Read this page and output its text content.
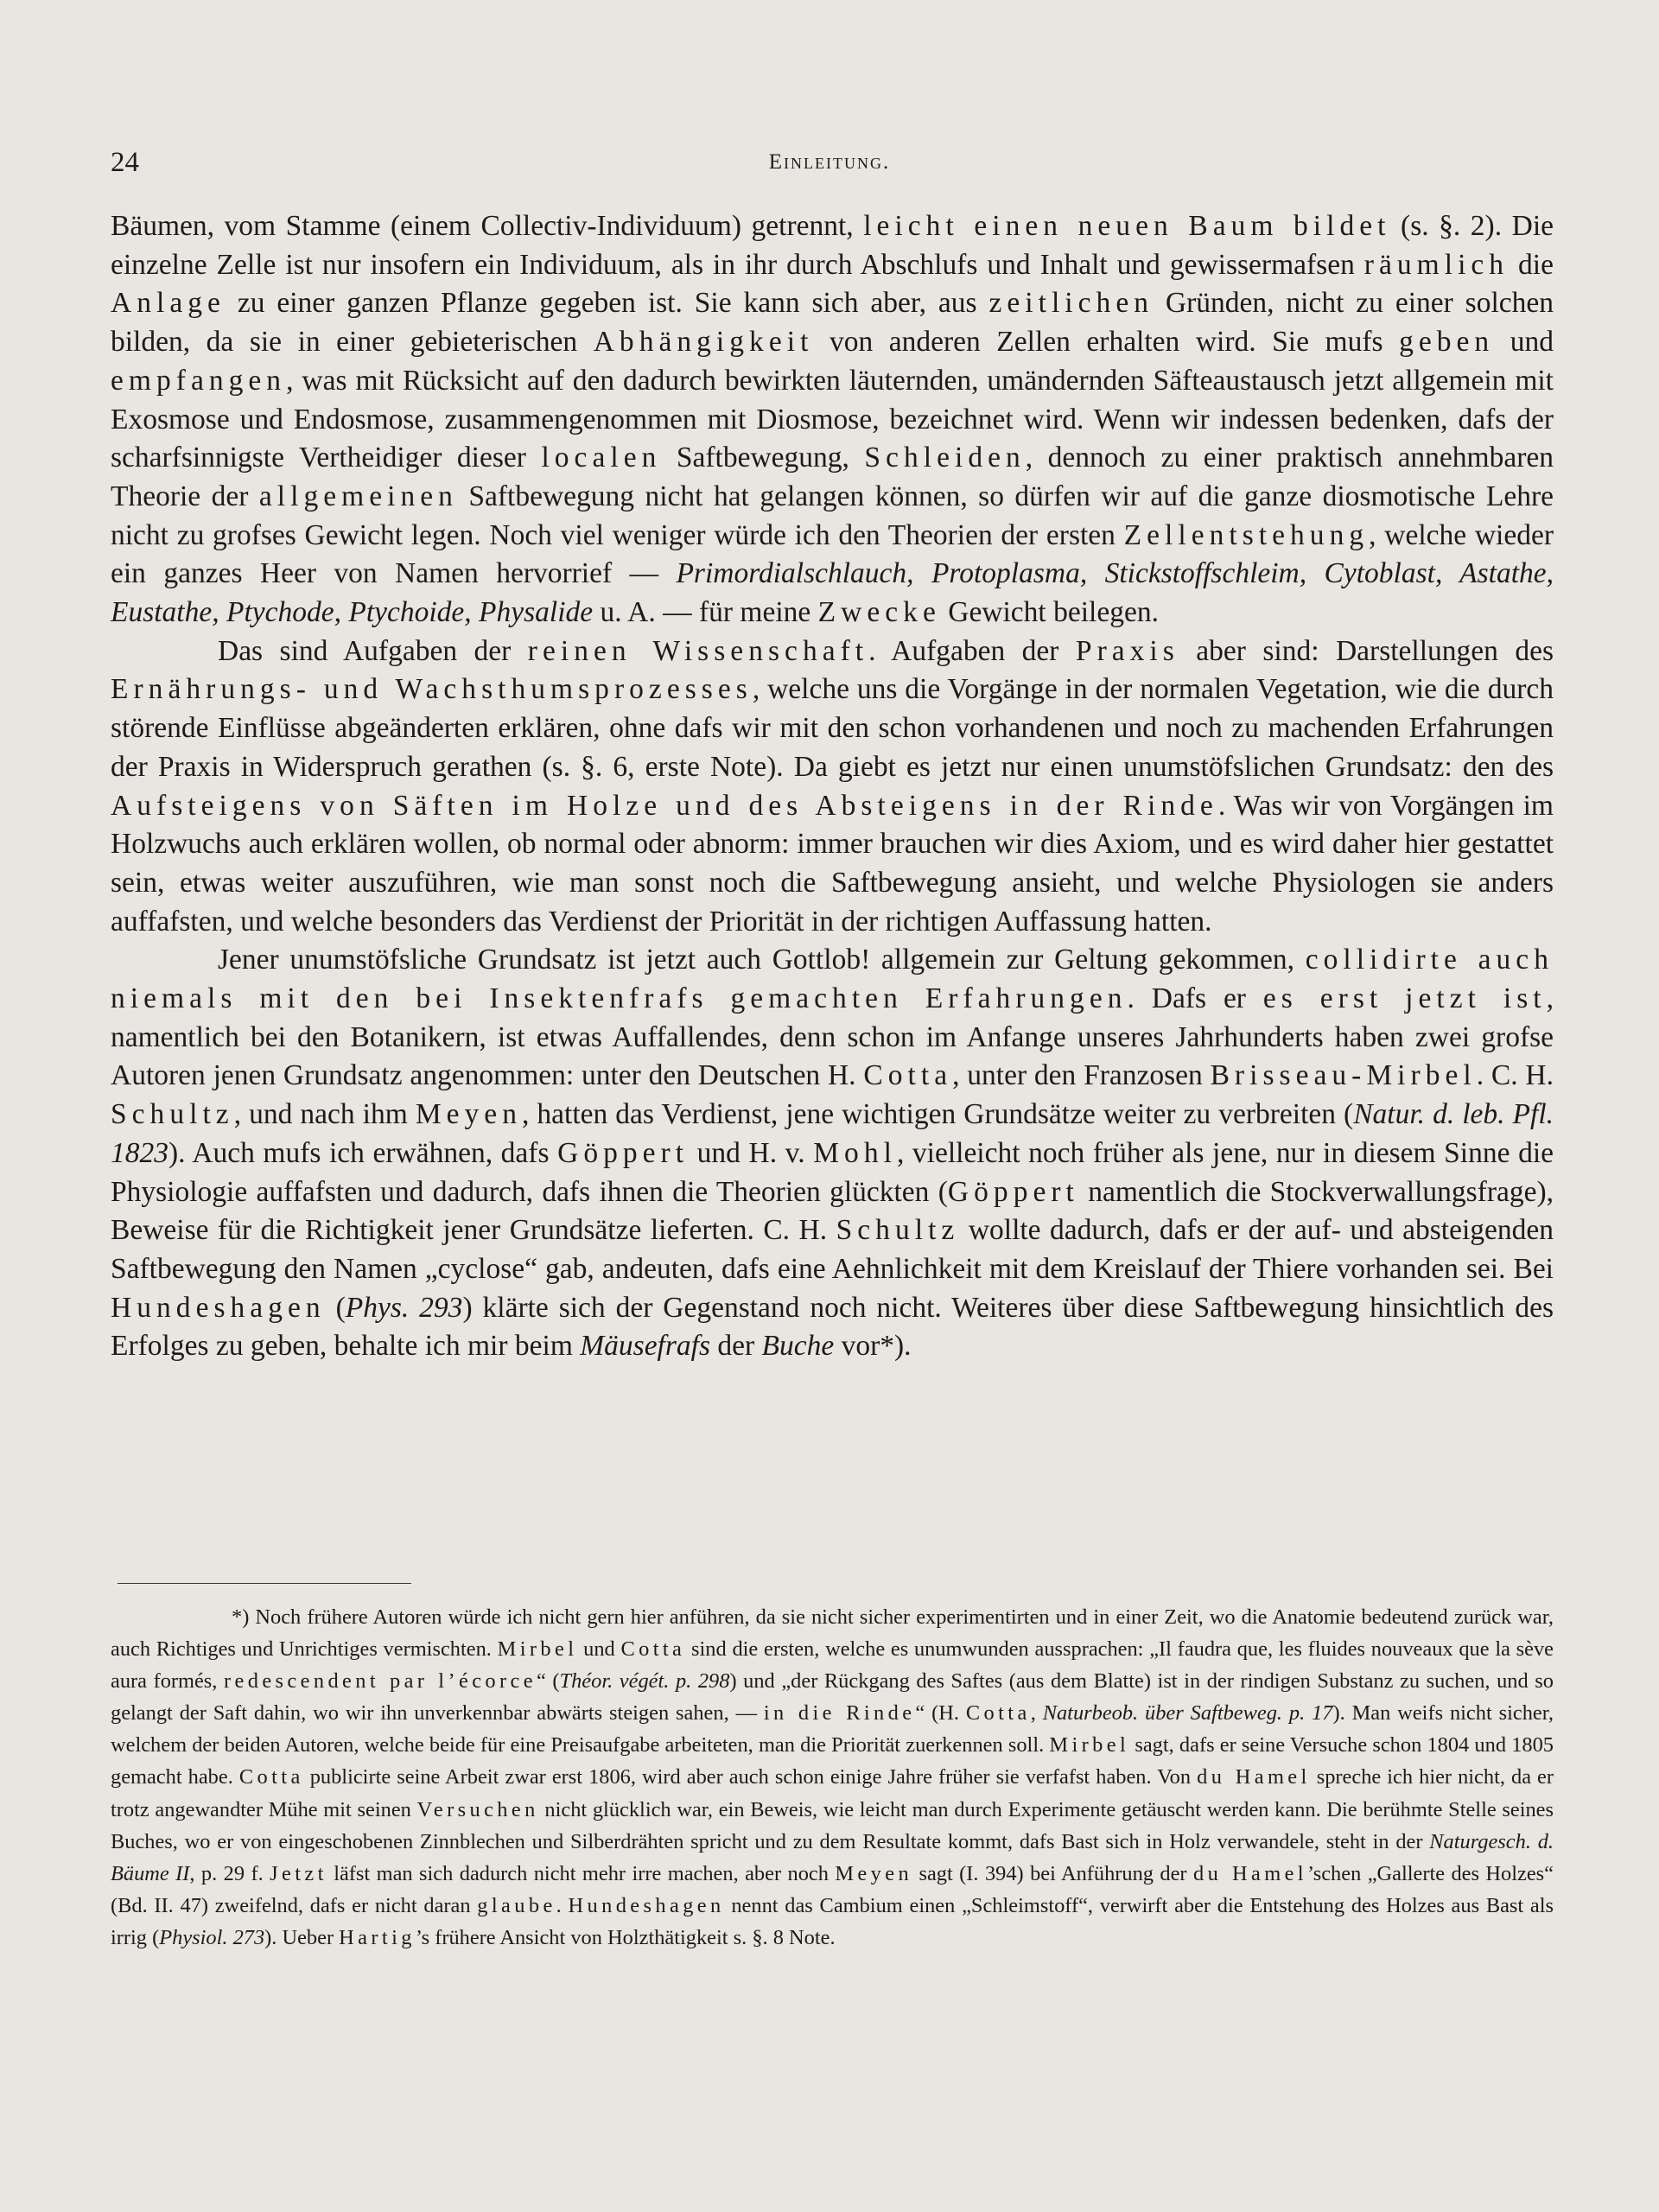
24	Einleitung.

Bäumen, vom Stamme (einem Collectiv-Individuum) getrennt, leicht einen neuen Baum bildet (s. §. 2). Die einzelne Zelle ist nur insofern ein Individuum, als in ihr durch Abschlufs und Inhalt und gewissermafsen räumlich die Anlage zu einer ganzen Pflanze gegeben ist. Sie kann sich aber, aus zeitlichen Gründen, nicht zu einer solchen bilden, da sie in einer gebieterischen Abhängigkeit von anderen Zellen erhalten wird. Sie mufs geben und empfangen, was mit Rücksicht auf den dadurch bewirkten läuternden, umändernden Säfteaustausch jetzt allgemein mit Exosmose und Endosmose, zusammengenommen mit Diosmose, bezeichnet wird. Wenn wir indessen bedenken, dafs der scharfsinnigste Vertheidiger dieser localen Saftbewegung, Schleiden, dennoch zu einer praktisch annehmbaren Theorie der allgemeinen Saftbewegung nicht hat gelangen können, so dürfen wir auf die ganze diosmotische Lehre nicht zu grofses Gewicht legen. Noch viel weniger würde ich den Theorien der ersten Zellentstehung, welche wieder ein ganzes Heer von Namen hervorrief — Primordialschlauch, Protoplasma, Stickstoffschleim, Cytoblast, Astathe, Eustathe, Ptychode, Ptychoide, Physalide u. A. — für meine Zwecke Gewicht beilegen.

Das sind Aufgaben der reinen Wissenschaft. Aufgaben der Praxis aber sind: Darstellungen des Ernährungs- und Wachsthumsprozesses, welche uns die Vorgänge in der normalen Vegetation, wie die durch störende Einflüsse abgeänderten erklären, ohne dafs wir mit den schon vorhandenen und noch zu machenden Erfahrungen der Praxis in Widerspruch gerathen (s. §. 6, erste Note). Da giebt es jetzt nur einen unumstöfslichen Grundsatz: den des Aufsteigens von Säften im Holze und des Absteigens in der Rinde. Was wir von Vorgängen im Holzwuchs auch erklären wollen, ob normal oder abnorm: immer brauchen wir dies Axiom, und es wird daher hier gestattet sein, etwas weiter auszuführen, wie man sonst noch die Saftbewegung ansieht, und welche Physiologen sie anders auffafsten, und welche besonders das Verdienst der Priorität in der richtigen Auffassung hatten.

Jener unumstöfsliche Grundsatz ist jetzt auch Gottlob! allgemein zur Geltung gekommen, collidirte auch niemals mit den bei Insektenfrafs gemachten Erfahrungen. Dafs er es erst jetzt ist, namentlich bei den Botanikern, ist etwas Auffallendes, denn schon im Anfange unseres Jahrhunderts haben zwei grofse Autoren jenen Grundsatz angenommen: unter den Deutschen H. Cotta, unter den Franzosen Brisseau-Mirbel. C. H. Schultz, und nach ihm Meyen, hatten das Verdienst, jene wichtigen Grundsätze weiter zu verbreiten (Natur. d. leb. Pfl. 1823). Auch mufs ich erwähnen, dafs Göppert und H. v. Mohl, vielleicht noch früher als jene, nur in diesem Sinne die Physiologie auffafsten und dadurch, dafs ihnen die Theorien glückten (Göppert namentlich die Stockverwallungsfrage), Beweise für die Richtigkeit jener Grundsätze lieferten. C. H. Schultz wollte dadurch, dafs er der auf- und absteigenden Saftbewegung den Namen „cyclose“ gab, andeuten, dafs eine Aehnlichkeit mit dem Kreislauf der Thiere vorhanden sei. Bei Hundeshagen (Phys. 293) klärte sich der Gegenstand noch nicht. Weiteres über diese Saftbewegung hinsichtlich des Erfolges zu geben, behalte ich mir beim Mäusefrafs der Buche vor*).

*) Noch frühere Autoren würde ich nicht gern hier anführen, da sie nicht sicher experimentirten und in einer Zeit, wo die Anatomie bedeutend zurück war, auch Richtiges und Unrichtiges vermischten. Mirbel und Cotta sind die ersten, welche es unumwunden aussprachen: „Il faudra que, les fluides nouveaux que la sève aura formés, redescendent par l’écorce“ (Théor. végét. p. 298) und „der Rückgang des Saftes (aus dem Blatte) ist in der rindigen Substanz zu suchen, und so gelangt der Saft dahin, wo wir ihn unverkennbar abwärts steigen sahen, — in die Rinde“ (H. Cotta, Naturbeob. über Saftbeweg. p. 17). Man weifs nicht sicher, welchem der beiden Autoren, welche beide für eine Preisaufgabe arbeiteten, man die Priorität zuerkennen soll. Mirbel sagt, dafs er seine Versuche schon 1804 und 1805 gemacht habe. Cotta publicirte seine Arbeit zwar erst 1806, wird aber auch schon einige Jahre früher sie verfafst haben. Von du Hamel spreche ich hier nicht, da er trotz angewandter Mühe mit seinen Versuchen nicht glücklich war, ein Beweis, wie leicht man durch Experimente getäuscht werden kann. Die berühmte Stelle seines Buches, wo er von eingeschobenen Zinnblechen und Silberdrähten spricht und zu dem Resultate kommt, dafs Bast sich in Holz verwandele, steht in der Naturgesch. d. Bäume II, p. 29 f. Jetzt läfst man sich dadurch nicht mehr irre machen, aber noch Meyen sagt (I. 394) bei Anführung der du Hamel’schen „Gallerte des Holzes“ (Bd. II. 47) zweifelnd, dafs er nicht daran glaube. Hundeshagen nennt das Cambium einen „Schleimstoff“, verwirft aber die Entstehung des Holzes aus Bast als irrig (Physiol. 273). Ueber Hartig’s frühere Ansicht von Holzthätigkeit s. §. 8 Note.
